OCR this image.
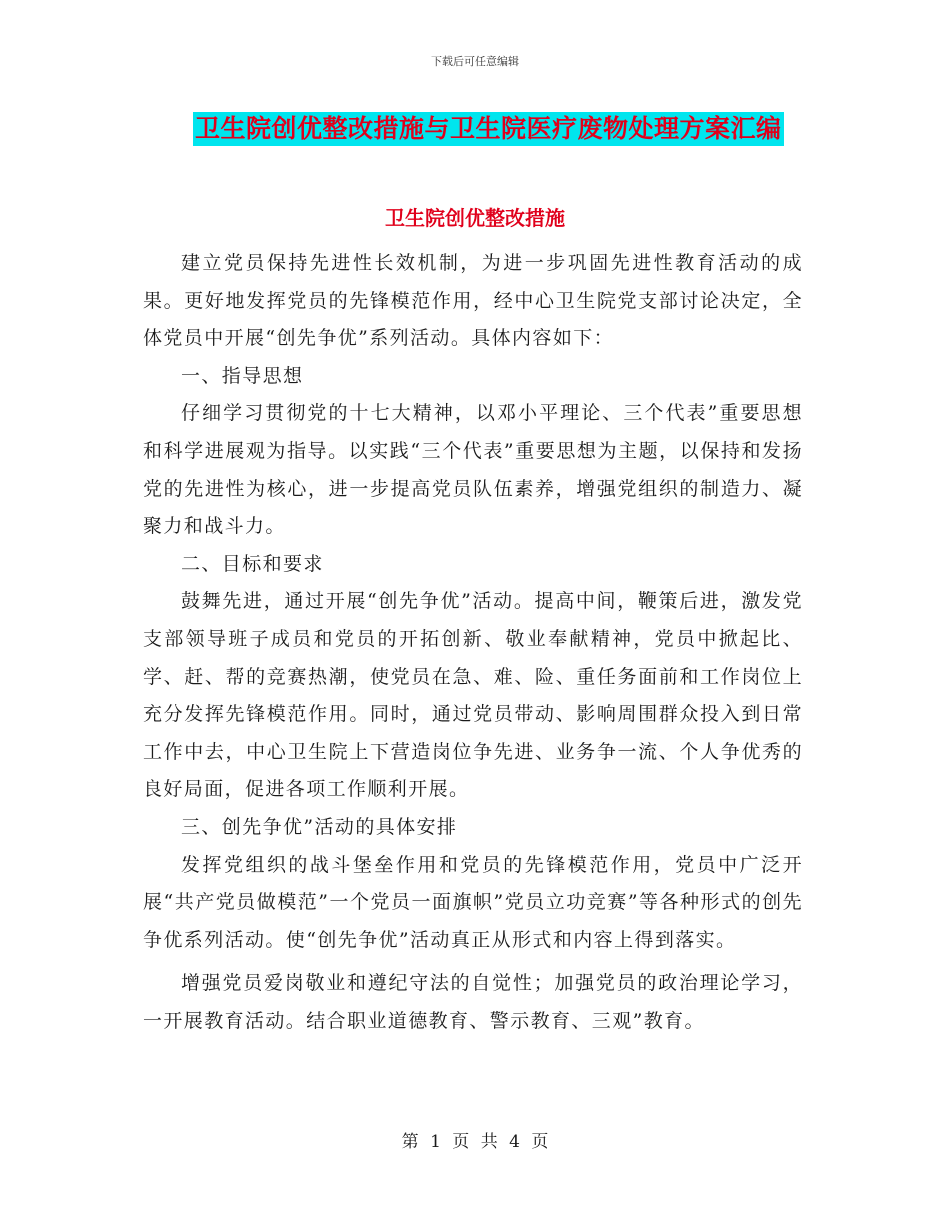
下载后可任意编辑
卫生院创优整改措施与卫生院医疗废物处理方案汇编
卫生院创优整改措施

建立党员保持先进性长效机制，为进一步巩固先进性教育活动的成果。更好地发挥党员的先锋模范作用，经中心卫生院党支部讨论决定，全体党员中开展“创先争优”系列活动。具体内容如下：

一、指导思想

仔细学习贯彻党的十七大精神，以邓小平理论、三个代表”重要思想和科学进展观为指导。以实践“三个代表”重要思想为主题，以保持和发扬党的先进性为核心，进一步提高党员队伍素养，增强党组织的制造力、凝聚力和战斗力。

二、目标和要求

鼓舞先进，通过开展“创先争优”活动。提高中间，鞭策后进，激发党支部领导班子成员和党员的开拓创新、敬业奉献精神，党员中掀起比、学、赶、帮的竞赛热潮，使党员在急、难、险、重任务面前和工作岗位上充分发挥先锋模范作用。同时，通过党员带动、影响周围群众投入到日常工作中去，中心卫生院上下营造岗位争先进、业务争一流、个人争优秀的良好局面，促进各项工作顺利开展。

三、创先争优”活动的具体安排

发挥党组织的战斗堡垒作用和党员的先锋模范作用，党员中广泛开展“共产党员做模范”一个党员一面旗帜”党员立功竞赛”等各种形式的创先争优系列活动。使“创先争优”活动真正从形式和内容上得到落实。

增强党员爱岗敬业和遵纪守法的自觉性；加强党员的政治理论学习，一开展教育活动。结合职业道德教育、警示教育、三观”教育。

第 1 页 共 4 页
